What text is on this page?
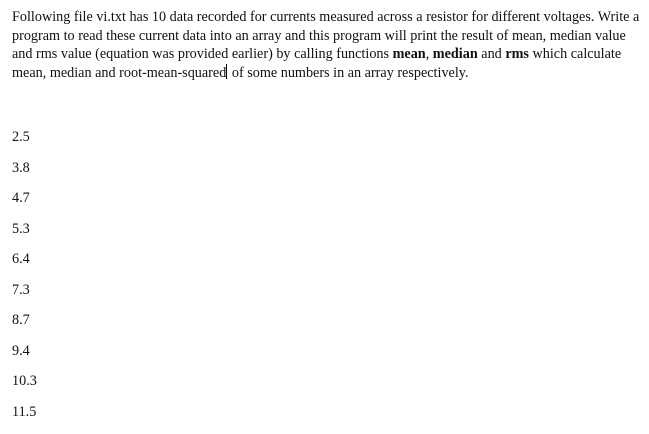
Following file vi.txt has 10 data recorded for currents measured across a resistor for different voltages. Write a program to read these current data into an array and this program will print the result of mean, median value and rms value (equation was provided earlier) by calling functions mean, median and rms which calculate mean, median and root-mean-squared of some numbers in an array respectively.

2.5
3.8
4.7
5.3
6.4
7.3
8.7
9.4
10.3
11.5
